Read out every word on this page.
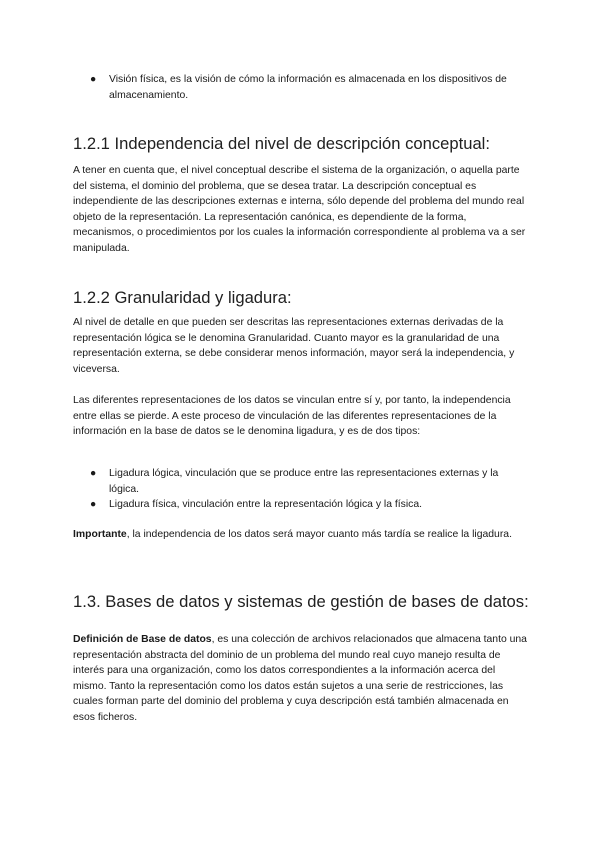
● Visión física, es la visión de cómo la información es almacenada en los dispositivos de almacenamiento.
1.2.1 Independencia del nivel de descripción conceptual:

A tener en cuenta que, el nivel conceptual describe el sistema de la organización, o aquella parte del sistema, el dominio del problema, que se desea tratar. La descripción conceptual es independiente de las descripciones externas e interna, sólo depende del problema del mundo real objeto de la representación. La representación canónica, es dependiente de la forma, mecanismos, o procedimientos por los cuales la información correspondiente al problema va a ser manipulada.

1.2.2 Granularidad y ligadura:

Al nivel de detalle en que pueden ser descritas las representaciones externas derivadas de la representación lógica se le denomina Granularidad. Cuanto mayor es la granularidad de una representación externa, se debe considerar menos información, mayor será la independencia, y viceversa.

Las diferentes representaciones de los datos se vinculan entre sí y, por tanto, la independencia entre ellas se pierde. A este proceso de vinculación de las diferentes representaciones de la información en la base de datos se le denomina ligadura, y es de dos tipos:

● Ligadura lógica, vinculación que se produce entre las representaciones externas y la lógica.
● Ligadura física, vinculación entre la representación lógica y la física.

Importante, la independencia de los datos será mayor cuanto más tardía se realice la ligadura.

1.3. Bases de datos y sistemas de gestión de bases de datos:

Definición de Base de datos, es una colección de archivos relacionados que almacena tanto una representación abstracta del dominio de un problema del mundo real cuyo manejo resulta de interés para una organización, como los datos correspondientes a la información acerca del mismo. Tanto la representación como los datos están sujetos a una serie de restricciones, las cuales forman parte del dominio del problema y cuya descripción está también almacenada en esos ficheros.
